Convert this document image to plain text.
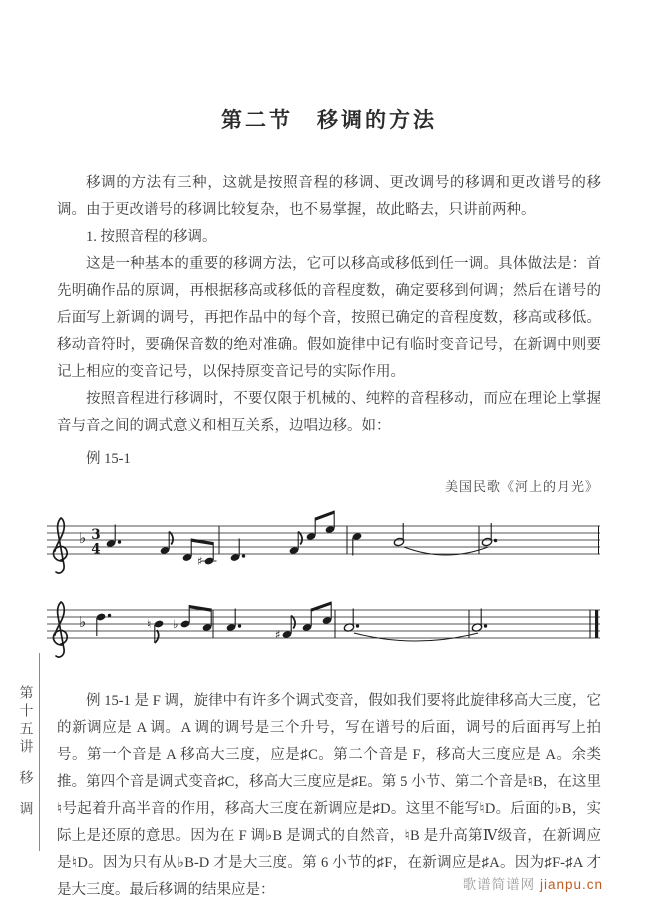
第二节　移调的方法

移调的方法有三种，这就是按照音程的移调、更改调号的移调和更改谱号的移调。由于更改谱号的移调比较复杂，也不易掌握，故此略去，只讲前两种。

1. 按照音程的移调。

这是一种基本的重要的移调方法，它可以移高或移低到任一调。具体做法是：首先明确作品的原调，再根据移高或移低的音程度数，确定要移到何调；然后在谱号的后面写上新调的调号，再把作品中的每个音，按照已确定的音程度数，移高或移低。移动音符时，要确保音数的绝对准确。假如旋律中记有临时变音记号，在新调中则要记上相应的变音记号，以保持原变音记号的实际作用。

按照音程进行移调时，不要仅限于机械的、纯粹的音程移动，而应在理论上掌握音与音之间的调式意义和相互关系，边唱边移。如：

例 15-1
美国民歌《河上的月光》
♭ 3
4
♯
♭	♮ ♭
♯

例 15-1 是 F 调，旋律中有许多个调式变音，假如我们要将此旋律移高大三度，它的新调应是 A 调。A 调的调号是三个升号，写在谱号的后面，调号的后面再写上拍号。第一个音是 A 移高大三度，应是♯C。第二个音是 F，移高大三度应是 A。余类推。第四个音是调式变音♯C，移高大三度应是♯E。第 5 小节、第二个音是♮B，在这里♮号起着升高半音的作用，移高大三度在新调应是♯D。这里不能写♮D。后面的♭B，实际上是还原的意思。因为在 F 调♭B 是调式的自然音，♮B 是升高第Ⅳ级音，在新调应是♮D。因为只有从♭B-D 才是大三度。第 6 小节的♯F，在新调应是♯A。因为♯F-♯A 才是大三度。最后移调的结果应是：

第十五讲
移
调
歌谱简谱网 jianpu.cn
